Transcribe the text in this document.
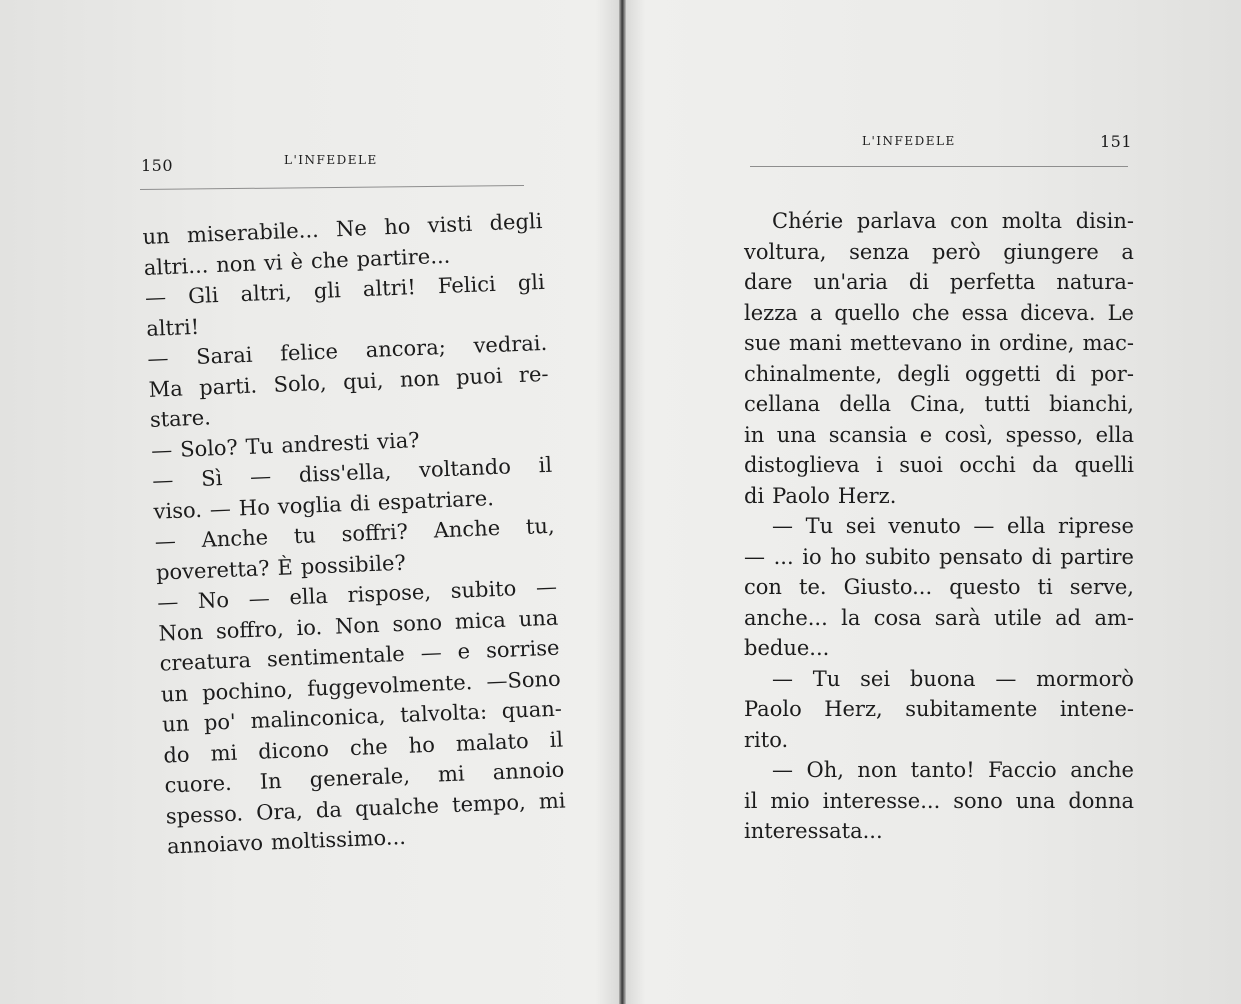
150	L'INFEDELE
un miserabile... Ne ho visti degli
altri... non vi è che partire...
— Gli altri, gli altri! Felici gli
altri!
— Sarai felice ancora; vedrai.
Ma parti. Solo, qui, non puoi re-
stare.
— Solo? Tu andresti via?
— Sì — diss'ella, voltando il
viso. — Ho voglia di espatriare.
— Anche tu soffri? Anche tu,
poveretta? È possibile?
— No — ella rispose, subito —
Non soffro, io. Non sono mica una
creatura sentimentale — e sorrise
un pochino, fuggevolmente. —Sono
un po' malinconica, talvolta: quan-
do mi dicono che ho malato il
cuore. In generale, mi annoio
spesso. Ora, da qualche tempo, mi
annoiavo moltissimo...
L'INFEDELE	151
Chérie parlava con molta disin-
voltura, senza però giungere a
dare un'aria di perfetta natura-
lezza a quello che essa diceva. Le
sue mani mettevano in ordine, mac-
chinalmente, degli oggetti di por-
cellana della Cina, tutti bianchi,
in una scansia e così, spesso, ella
distoglieva i suoi occhi da quelli
di Paolo Herz.
— Tu sei venuto — ella riprese
— ... io ho subito pensato di partire
con te. Giusto... questo ti serve,
anche... la cosa sarà utile ad am-
bedue...
— Tu sei buona — mormorò
Paolo Herz, subitamente intene-
rito.
— Oh, non tanto! Faccio anche
il mio interesse... sono una donna
interessata...
